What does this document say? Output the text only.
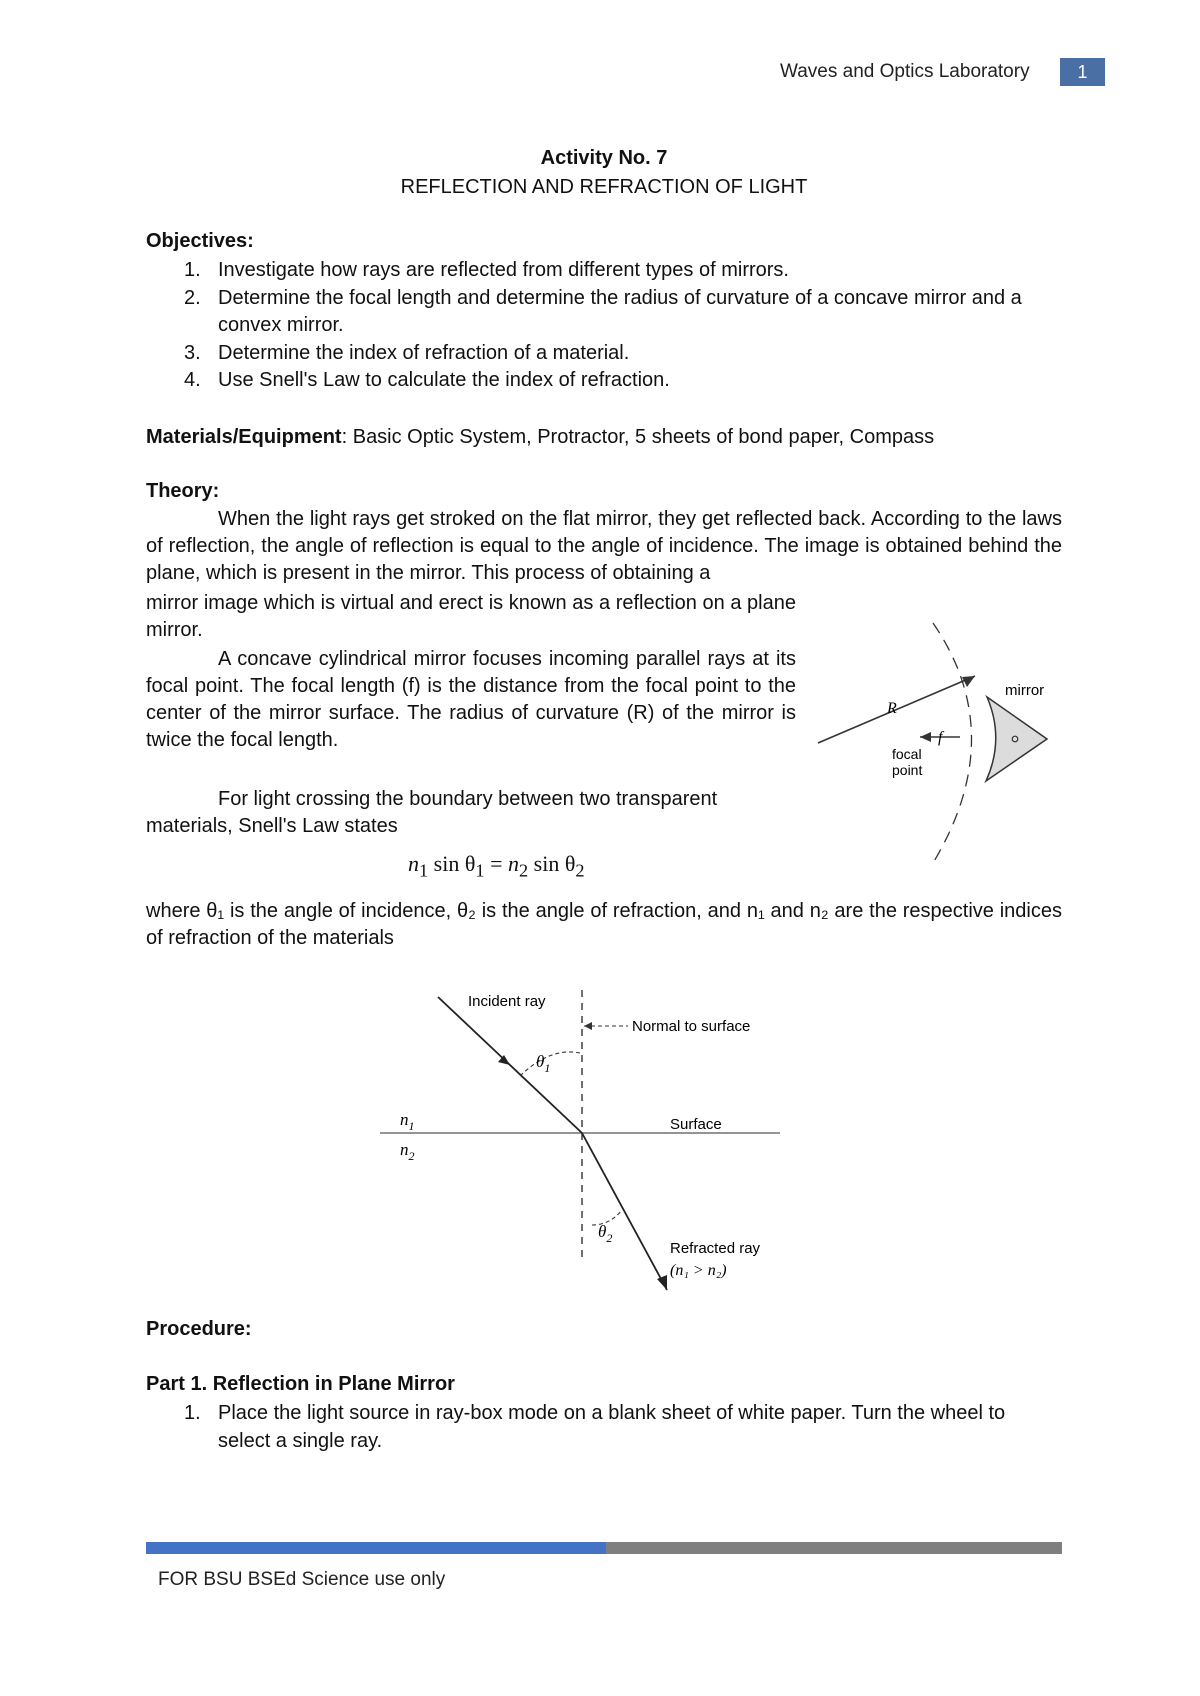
Waves and Optics Laboratory	1
Activity No. 7
REFLECTION AND REFRACTION OF LIGHT
Objectives:
1. Investigate how rays are reflected from different types of mirrors.
2. Determine the focal length and determine the radius of curvature of a concave mirror and a convex mirror.
3. Determine the index of refraction of a material.
4. Use Snell's Law to calculate the index of refraction.
Materials/Equipment: Basic Optic System, Protractor, 5 sheets of bond paper, Compass
Theory:
When the light rays get stroked on the flat mirror, they get reflected back. According to the laws of reflection, the angle of reflection is equal to the angle of incidence. The image is obtained behind the plane, which is present in the mirror. This process of obtaining a
mirror image which is virtual and erect is known as a reflection on a plane mirror.
A concave cylindrical mirror focuses incoming parallel rays at its focal point. The focal length (f) is the distance from the focal point to the center of the mirror surface. The radius of curvature (R) of the mirror is twice the focal length.
For light crossing the boundary between two transparent materials, Snell's Law states
R
mirror
f
focal
point
$n_1$ $\sin \theta_1 = n_2$ $\sin \theta_2$
where θ₁ is the angle of incidence, θ₂ is the angle of refraction, and n₁ and n₂ are the respective indices of refraction of the materials
Incident ray
Normal to surface
$\theta_1$
Surface
$n_1$
$n_2$
$\theta_2$
Refracted ray
(n₁ > n₂)
Procedure:
Part 1. Reflection in Plane Mirror
1. Place the light source in ray-box mode on a blank sheet of white paper. Turn the wheel to select a single ray.
FOR BSU BSEd Science use only
